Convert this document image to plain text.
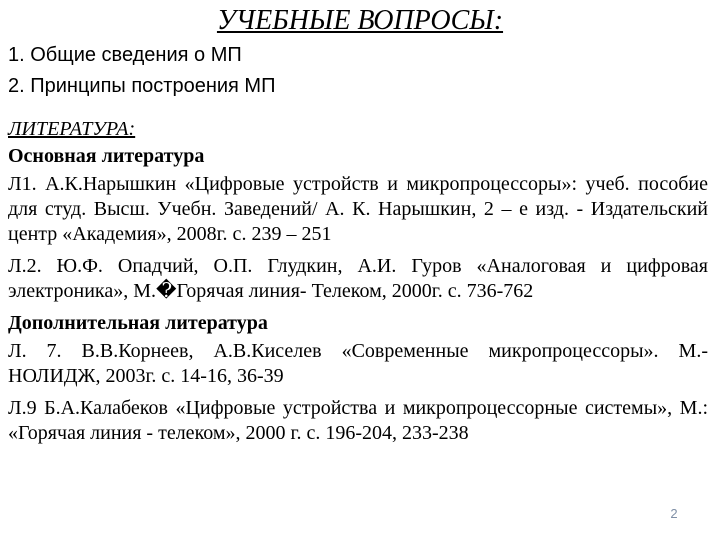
УЧЕБНЫЕ ВОПРОСЫ:
1. Общие сведения о МП
2. Принципы построения МП
ЛИТЕРАТУРА:
Основная литература
Л1. А.К.Нарышкин «Цифровые устройств и микропроцессоры»: учеб. пособие для студ. Высш. Учебн. Заведений/ А. К. Нарышкин, 2 – е изд. - Издательский центр «Академия», 2008г. с. 239 – 251
Л.2. Ю.Ф. Опадчий, О.П. Глудкин, А.И. Гуров «Аналоговая и цифровая электроника», М.�Горячая линия- Телеком, 2000г. с. 736-762
Дополнительная литература
Л. 7. В.В.Корнеев, А.В.Киселев «Современные микропроцессоры». М.- НОЛИДЖ, 2003г. с. 14-16, 36-39
Л.9 Б.А.Калабеков «Цифровые устройства и микропроцессорные системы», М.: «Горячая линия - телеком», 2000 г. с. 196-204, 233-238
2
